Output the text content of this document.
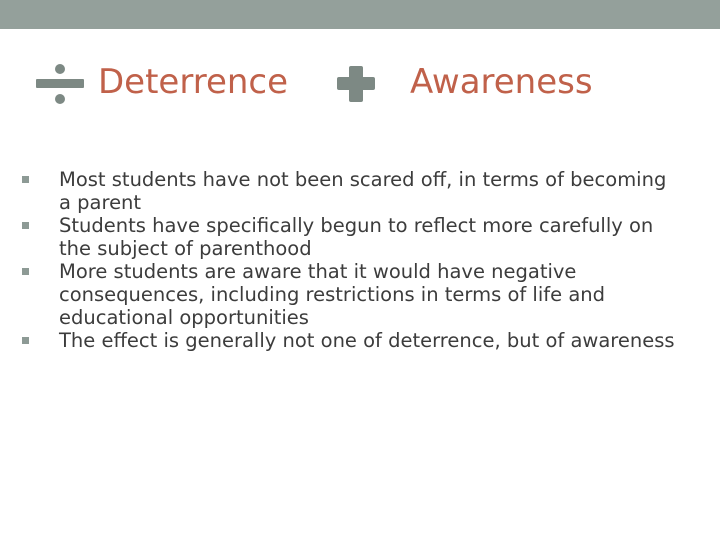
Deterrence	Awareness
Most students have not been scared off, in terms of becoming a parent
Students have specifically begun to reflect more carefully on the subject of parenthood
More students are aware that it would have negative consequences, including restrictions in terms of life and educational opportunities
The effect is generally not one of deterrence, but of awareness
